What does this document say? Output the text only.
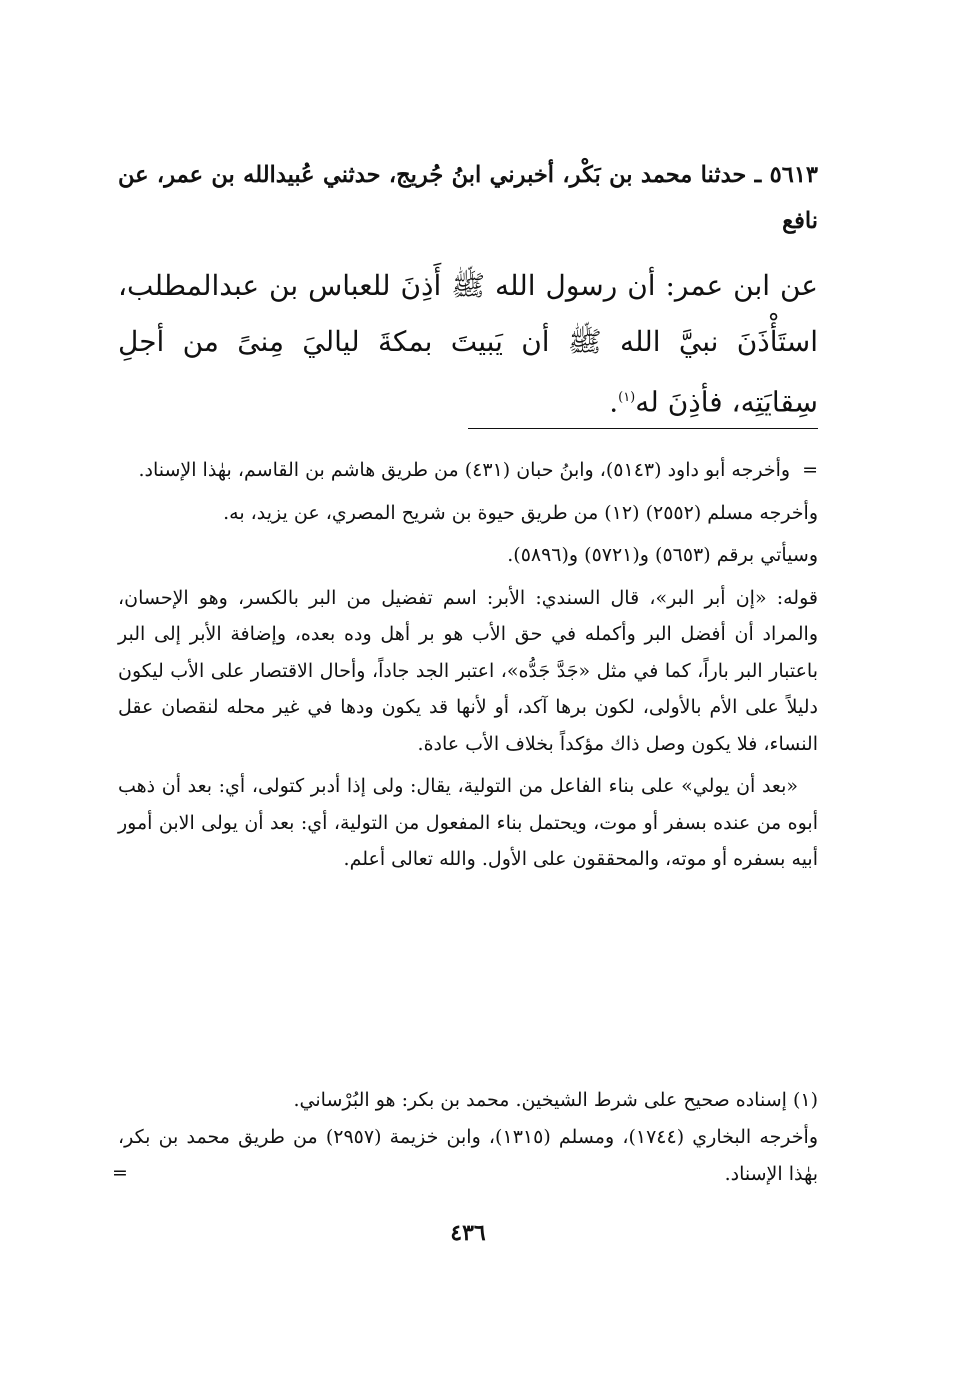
٥٦١٣ ـ حدثنا محمد بن بَكْر، أخبرني ابنُ جُريج، حدثني عُبيدالله بن عمر، عن نافع
عن ابن عمر: أن رسول الله ﷺ أَذِنَ للعباس بن عبدالمطلب، استَأْذَنَ نبيَّ الله ﷺ أن يَبيتَ بمكةَ لياليَ مِنىً من أجلِ سِقايَتِه، فأذِنَ له$^{(١)}$.

= وأخرجه أبو داود (٥١٤٣)، وابنُ حبان (٤٣١) من طريق هاشم بن القاسم، بهٰذا الإسناد.

وأخرجه مسلم (٢٥٥٢) (١٢) من طريق حيوة بن شريح المصري، عن يزيد، به.

وسيأتي برقم (٥٦٥٣) و(٥٧٢١) و(٥٨٩٦).

قوله: «إن أبر البر»، قال السندي: الأبر: اسم تفضيل من البر بالكسر، وهو الإحسان، والمراد أن أفضل البر وأكمله في حق الأب هو بر أهل وده بعده، وإضافة الأبر إلى البر باعتبار البر باراً، كما في مثل «جَدَّ جَدُّه»، اعتبر الجد جاداً، وأحال الاقتصار على الأب ليكون دليلاً على الأم بالأولى، لكون برها آكد، أو لأنها قد يكون ودها في غير محله لنقصان عقل النساء، فلا يكون وصل ذاك مؤكداً بخلاف الأب عادة.

«بعد أن يولي» على بناء الفاعل من التولية، يقال: ولى إذا أدبر كتولى، أي: بعد أن ذهب أبوه من عنده بسفر أو موت، ويحتمل بناء المفعول من التولية، أي: بعد أن يولى الابن أمور أبيه بسفره أو موته، والمحققون على الأول. والله تعالى أعلم.

(١) إسناده صحيح على شرط الشيخين. محمد بن بكر: هو البُرْساني.

وأخرجه البخاري (١٧٤٤)، ومسلم (١٣١٥)، وابن خزيمة (٢٩٥٧) من طريق محمد بن بكر، بهٰذا الإسناد.

=
٤٣٦
